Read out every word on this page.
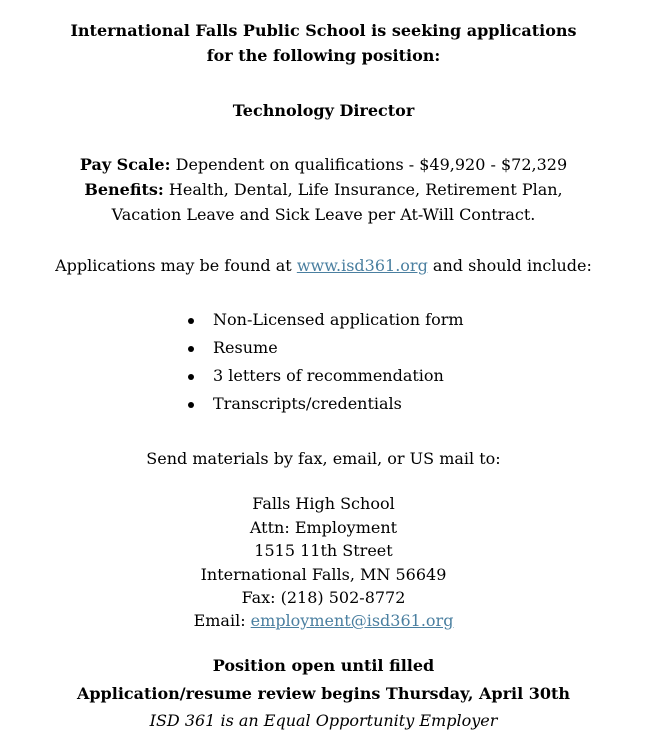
International Falls Public School is seeking applications
for the following position:
Technology Director
Pay Scale: Dependent on qualifications - $49,920 - $72,329
Benefits: Health, Dental, Life Insurance, Retirement Plan,
Vacation Leave and Sick Leave per At-Will Contract.
Applications may be found at www.isd361.org and should include:
Non-Licensed application form
Resume
3 letters of recommendation
Transcripts/credentials
Send materials by fax, email, or US mail to:
Falls High School
Attn: Employment
1515 11th Street
International Falls, MN 56649
Fax: (218) 502-8772
Email: employment@isd361.org
Position open until filled
Application/resume review begins Thursday, April 30th
ISD 361 is an Equal Opportunity Employer
